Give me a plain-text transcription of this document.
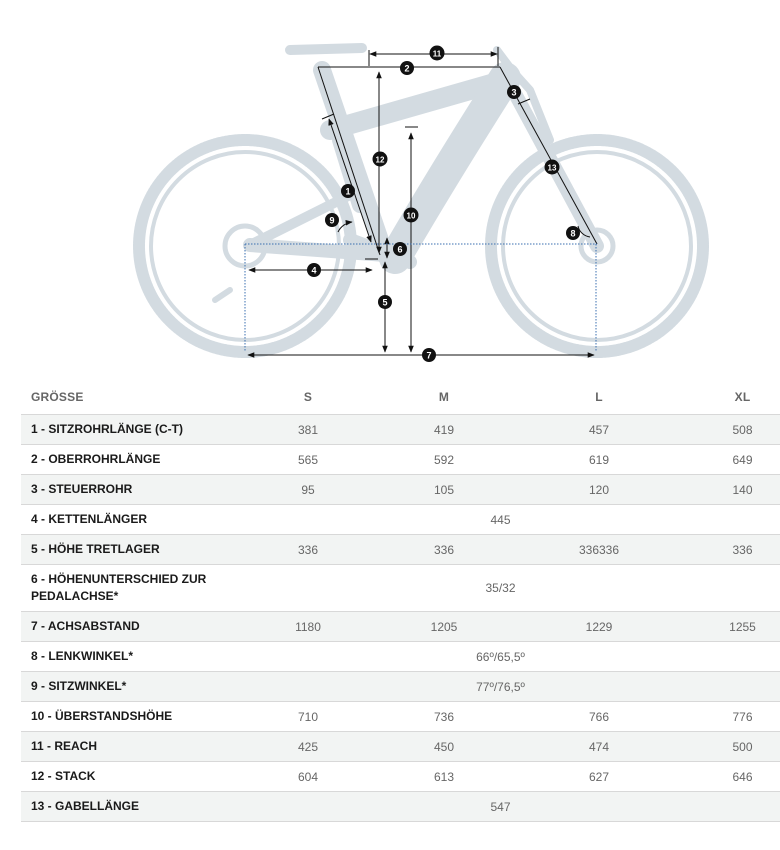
1
2
3
4
5
6
7
8
9	10
11
12
13
GRÖSSE	S	M	L	XL
1 - SITZROHRLÄNGE (C-T)	381	419	457	508
2 - OBERROHRLÄNGE	565	592	619	649
3 - STEUERROHR	95	105	120	140
4 - KETTENLÄNGER	445			
5 - HÖHE TRETLAGER	336	336	336336	336
6 - HÖHENUNTERSCHIED ZUR PEDALACHSE*	35/32			
7 - ACHSABSTAND	1180	1205	1229	1255
8 - LENKWINKEL*	66º/65,5º			
9 - SITZWINKEL*	77º/76,5º			
10 - ÜBERSTANDSHÖHE	710	736	766	776
11 - REACH	425	450	474	500
12 - STACK	604	613	627	646
13 - GABELLÄNGE	547			
